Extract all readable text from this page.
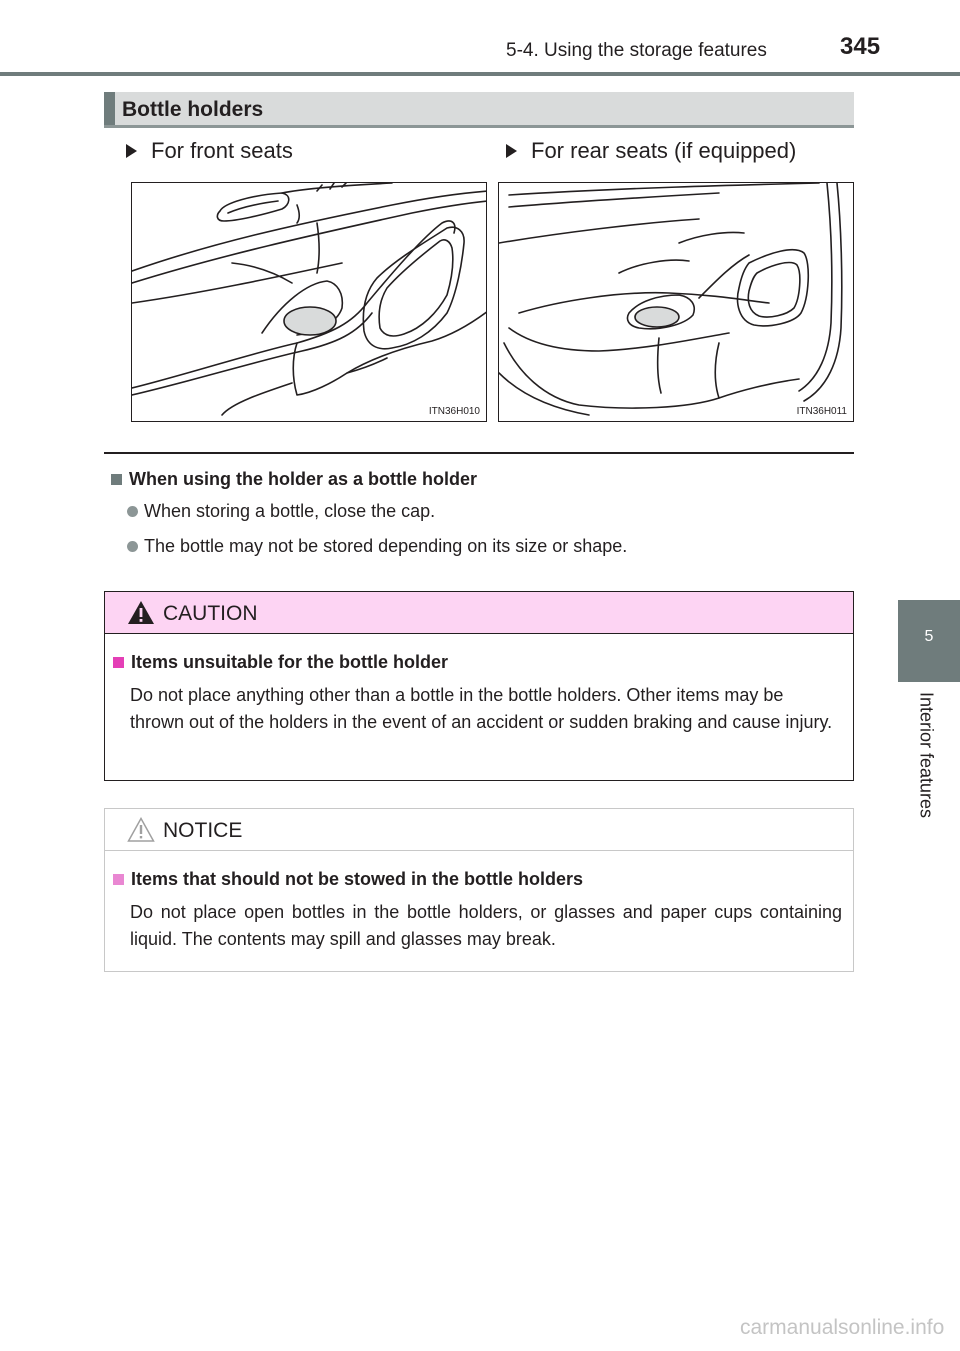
5-4. Using the storage features	345
5
Interior features
Bottle holders
For front seats	For rear seats (if equipped)
ITN36H010	ITN36H011
When using the holder as a bottle holder
When storing a bottle, close the cap.
The bottle may not be stored depending on its size or shape.
CAUTION
Items unsuitable for the bottle holder
Do not place anything other than a bottle in the bottle holders. Other items may be thrown out of the holders in the event of an accident or sudden braking and cause injury.
NOTICE
Items that should not be stowed in the bottle holders
Do not place open bottles in the bottle holders, or glasses and paper cups containing liquid. The contents may spill and glasses may break.
carmanualsonline.info
